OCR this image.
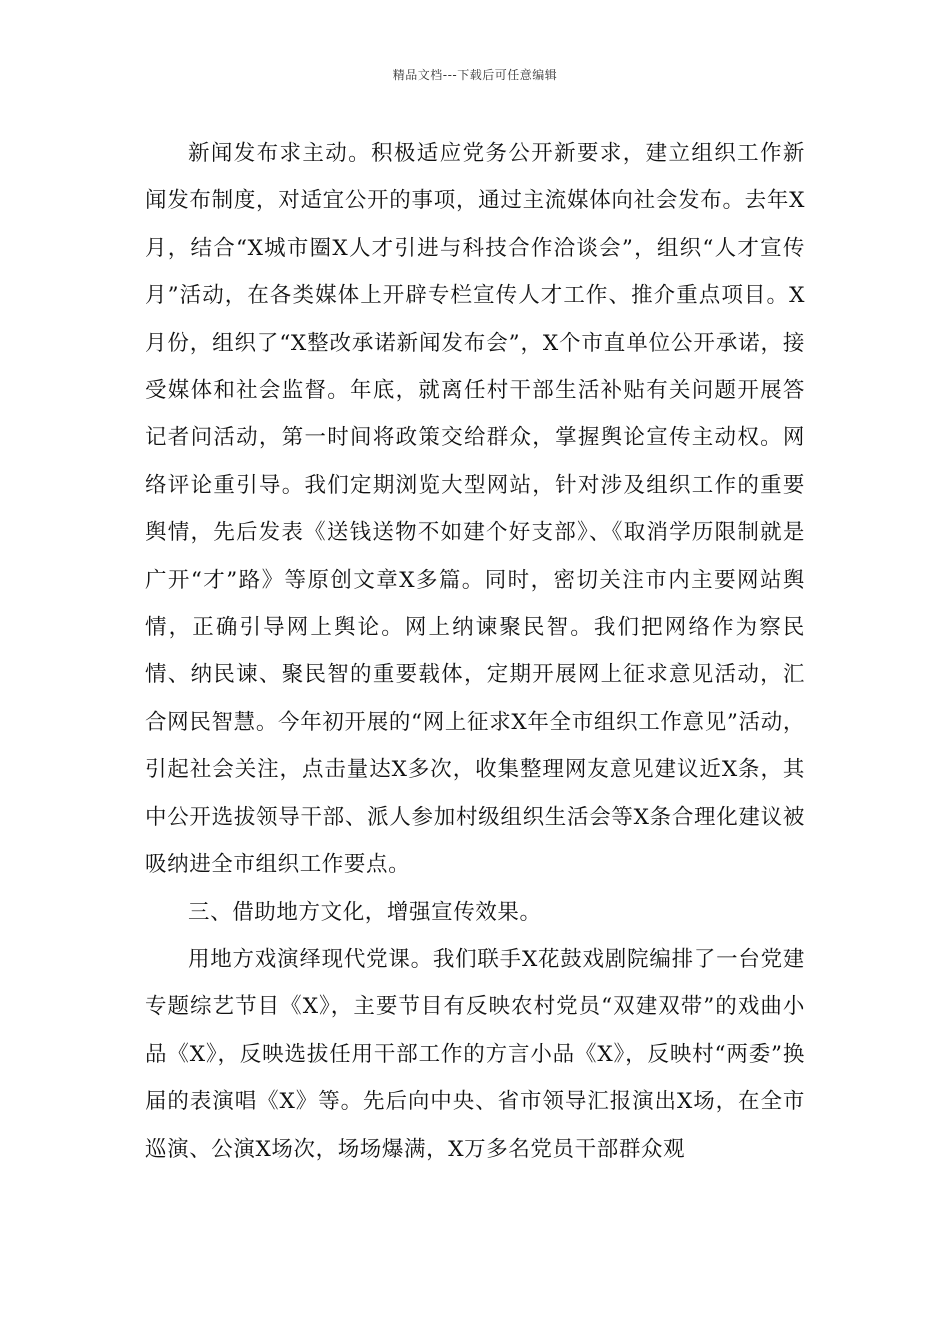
精品文档---下载后可任意编辑

新闻发布求主动。积极适应党务公开新要求，建立组织工作新闻发布制度，对适宜公开的事项，通过主流媒体向社会发布。去年X月，结合“X城市圈X人才引进与科技合作洽谈会”，组织“人才宣传月”活动，在各类媒体上开辟专栏宣传人才工作、推介重点项目。X月份，组织了“X整改承诺新闻发布会”，X个市直单位公开承诺，接受媒体和社会监督。年底，就离任村干部生活补贴有关问题开展答记者问活动，第一时间将政策交给群众，掌握舆论宣传主动权。网络评论重引导。我们定期浏览大型网站，针对涉及组织工作的重要舆情，先后发表《送钱送物不如建个好支部》、《取消学历限制就是广开“才”路》等原创文章X多篇。同时，密切关注市内主要网站舆情，正确引导网上舆论。网上纳谏聚民智。我们把网络作为察民情、纳民谏、聚民智的重要载体，定期开展网上征求意见活动，汇合网民智慧。今年初开展的“网上征求X年全市组织工作意见”活动，引起社会关注，点击量达X多次，收集整理网友意见建议近X条，其中公开选拔领导干部、派人参加村级组织生活会等X条合理化建议被吸纳进全市组织工作要点。

三、借助地方文化，增强宣传效果。

用地方戏演绎现代党课。我们联手X花鼓戏剧院编排了一台党建专题综艺节目《X》，主要节目有反映农村党员“双建双带”的戏曲小品《X》，反映选拔任用干部工作的方言小品《X》，反映村“两委”换届的表演唱《X》等。先后向中央、省市领导汇报演出X场，在全市巡演、公演X场次，场场爆满，X万多名党员干部群众观
